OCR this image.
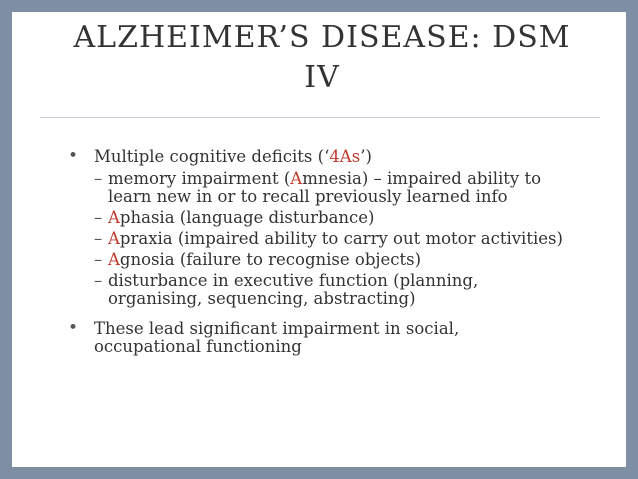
ALZHEIMER’S DISEASE: DSM
IV
• Multiple cognitive deficits (‘4As’)
– memory impairment (Amnesia) – impaired ability to learn new in or to recall previously learned info
– Aphasia (language disturbance)
– Apraxia (impaired ability to carry out motor activities)
– Agnosia (failure to recognise objects)
– disturbance in executive function (planning, organising, sequencing, abstracting)
• These lead significant impairment in social, occupational functioning
